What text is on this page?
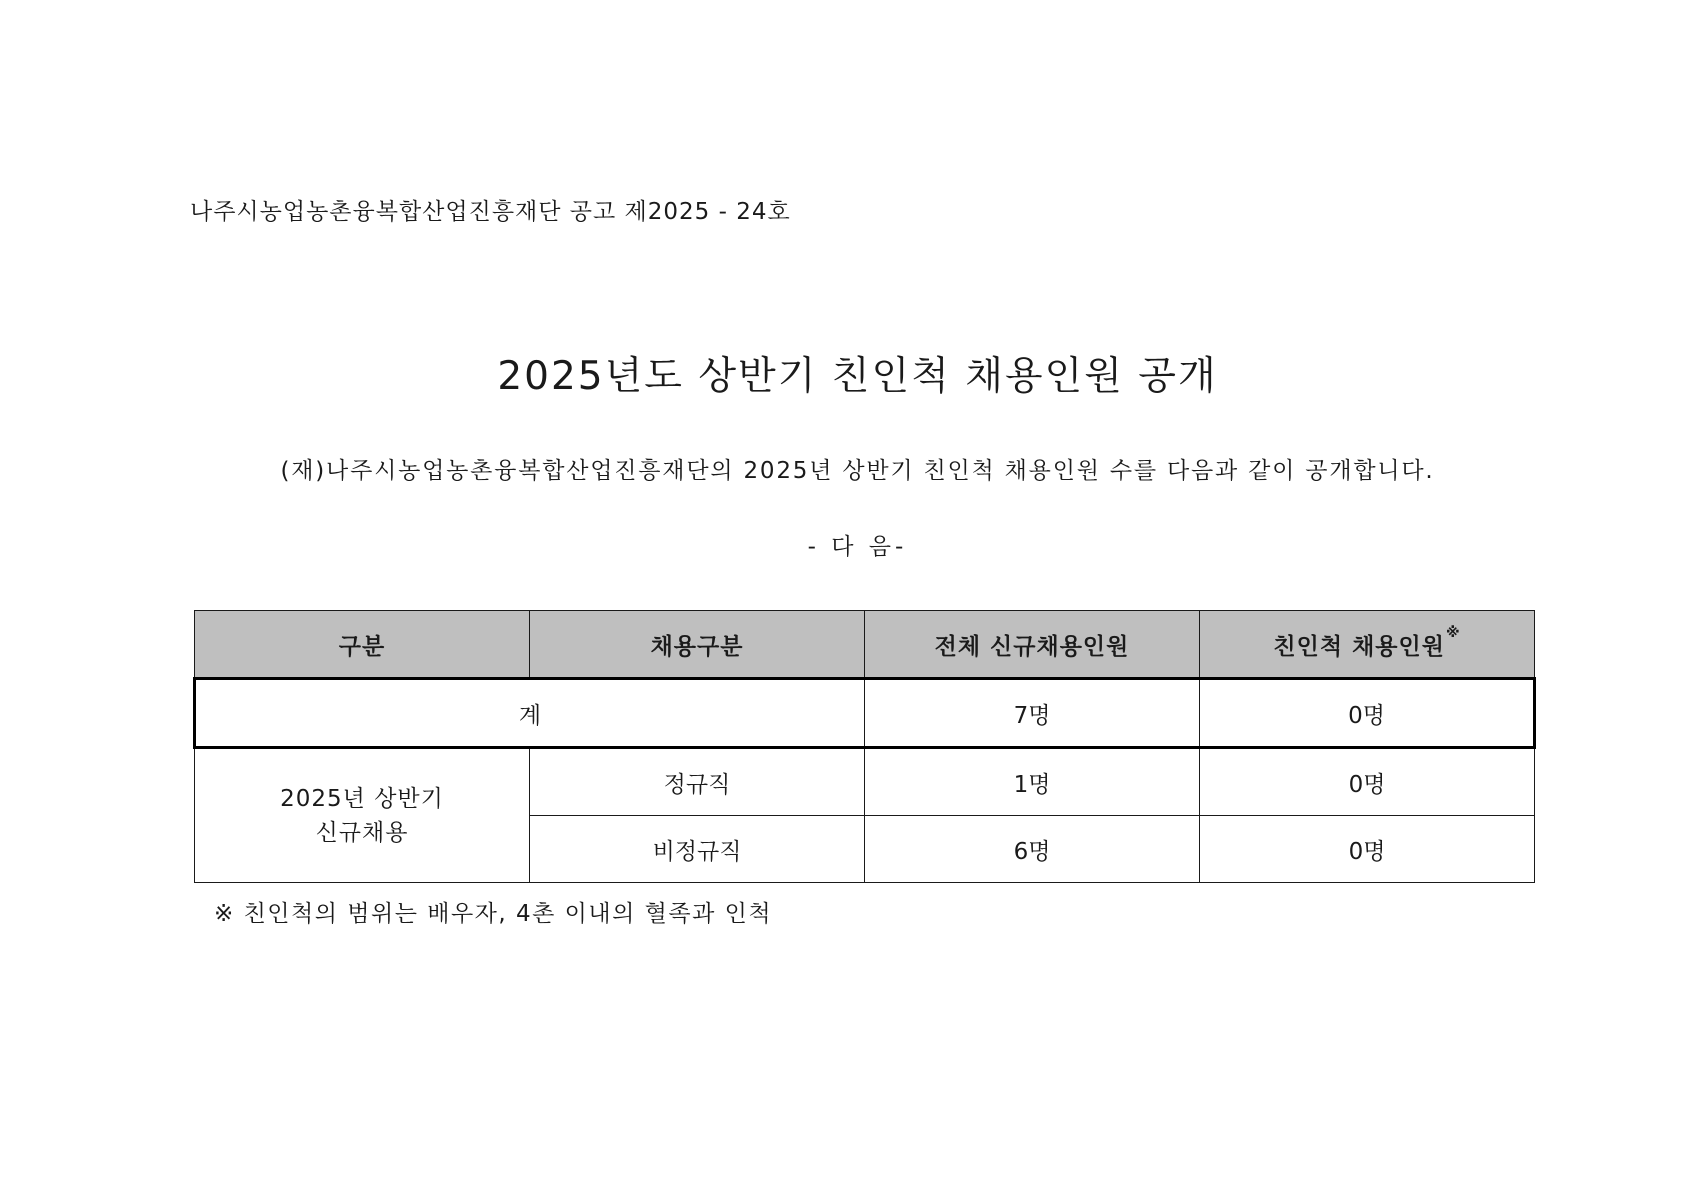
나주시농업농촌융복합산업진흥재단 공고 제2025 - 24호
2025년도 상반기 친인척 채용인원 공개
(재)나주시농업농촌융복합산업진흥재단의 2025년 상반기 친인척 채용인원 수를 다음과 같이 공개합니다.
- 다 음-
구분	채용구분	전체 신규채용인원	친인척 채용인원※
계		7명	0명

2025년 상반기
신규채용	정규직	1명	0명
	비정규직	6명	0명
※ 친인척의 범위는 배우자, 4촌 이내의 혈족과 인척
